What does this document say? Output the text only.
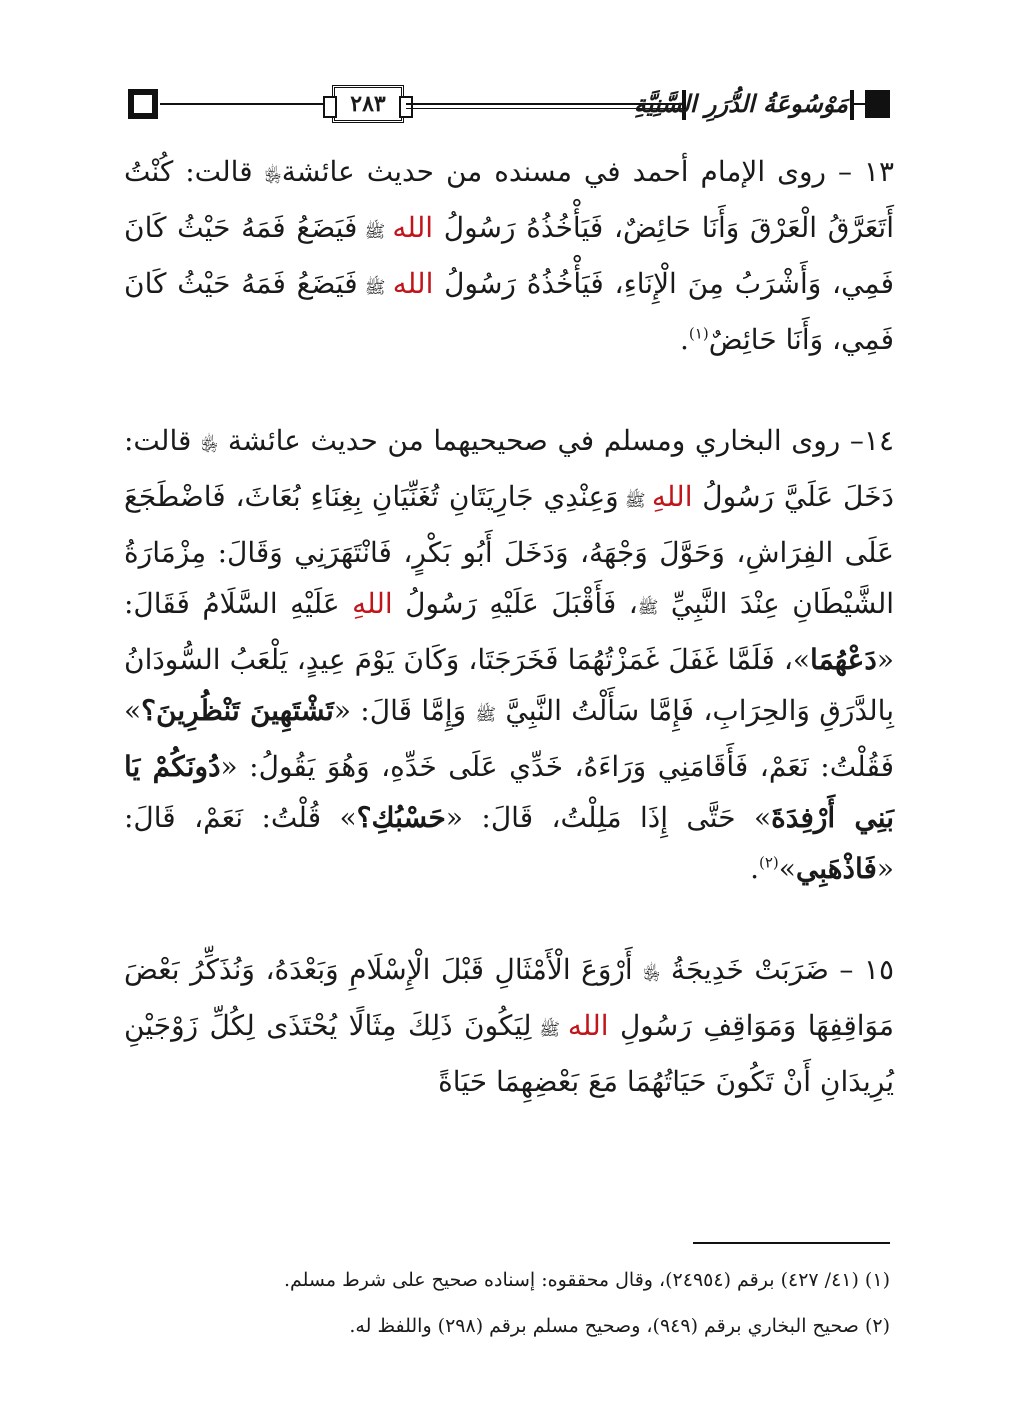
٢٨٣	مَوْسُوعَةُ الدُّرَرِ السَّنِيَّةِ

١٣ – روى الإمام أحمد في مسنده من حديث عائشة﵂ قالت: كُنْتُ أَتَعَرَّقُ الْعَرْقَ وَأَنَا حَائِضٌ، فَيَأْخُذُهُ رَسُولُ الله ﷺ فَيَضَعُ فَمَهُ حَيْثُ كَانَ فَمِي، وَأَشْرَبُ مِنَ الْإِنَاءِ، فَيَأْخُذُهُ رَسُولُ الله ﷺ فَيَضَعُ فَمَهُ حَيْثُ كَانَ فَمِي، وَأَنَا حَائِضٌ$^{(١)}$.

١٤– روى البخاري ومسلم في صحيحيهما من حديث عائشة ﵂ قالت: دَخَلَ عَلَيَّ رَسُولُ اللهِ ﷺ وَعِنْدِي جَارِيَتَانِ تُغَنِّيَانِ بِغِنَاءِ بُعَاثَ، فَاضْطَجَعَ عَلَى الفِرَاشِ، وَحَوَّلَ وَجْهَهُ، وَدَخَلَ أَبُو بَكْرٍ، فَانْتَهَرَنِي وَقَالَ: مِزْمَارَةُ الشَّيْطَانِ عِنْدَ النَّبِيِّ ﷺ، فَأَقْبَلَ عَلَيْهِ رَسُولُ اللهِ عَلَيْهِ السَّلَامُ فَقَالَ: «دَعْهُمَا»، فَلَمَّا غَفَلَ غَمَزْتُهُمَا فَخَرَجَتَا، وَكَانَ يَوْمَ عِيدٍ، يَلْعَبُ السُّودَانُ بِالدَّرَقِ وَالحِرَابِ، فَإِمَّا سَأَلْتُ النَّبِيَّ ﷺ وَإِمَّا قَالَ: «تَشْتَهِينَ تَنْظُرِينَ؟» فَقُلْتُ: نَعَمْ، فَأَقَامَنِي وَرَاءَهُ، خَدِّي عَلَى خَدِّهِ، وَهُوَ يَقُولُ: «دُونَكُمْ يَا بَنِي أَرْفِدَةَ» حَتَّى إِذَا مَلِلْتُ، قَالَ: «حَسْبُكِ؟» قُلْتُ: نَعَمْ، قَالَ: «فَاذْهَبِي»$^{(٢)}$.

١٥ – ضَرَبَتْ خَدِيجَةُ ﵂ أَرْوَعَ الْأَمْثَالِ قَبْلَ الْإِسْلَامِ وَبَعْدَهُ، وَنُذَكِّرُ بَعْضَ مَوَاقِفِهَا وَمَوَاقِفِ رَسُولِ الله ﷺ لِيَكُونَ ذَلِكَ مِثَالًا يُحْتَذَى لِكُلِّ زَوْجَيْنِ يُرِيدَانِ أَنْ تَكُونَ حَيَاتُهُمَا مَعَ بَعْضِهِمَا حَيَاةً

(١) (٤١/ ٤٢٧) برقم (٢٤٩٥٤)، وقال محققوه: إسناده صحيح على شرط مسلم.

(٢) صحيح البخاري برقم (٩٤٩)، وصحيح مسلم برقم (٢٩٨) واللفظ له.
